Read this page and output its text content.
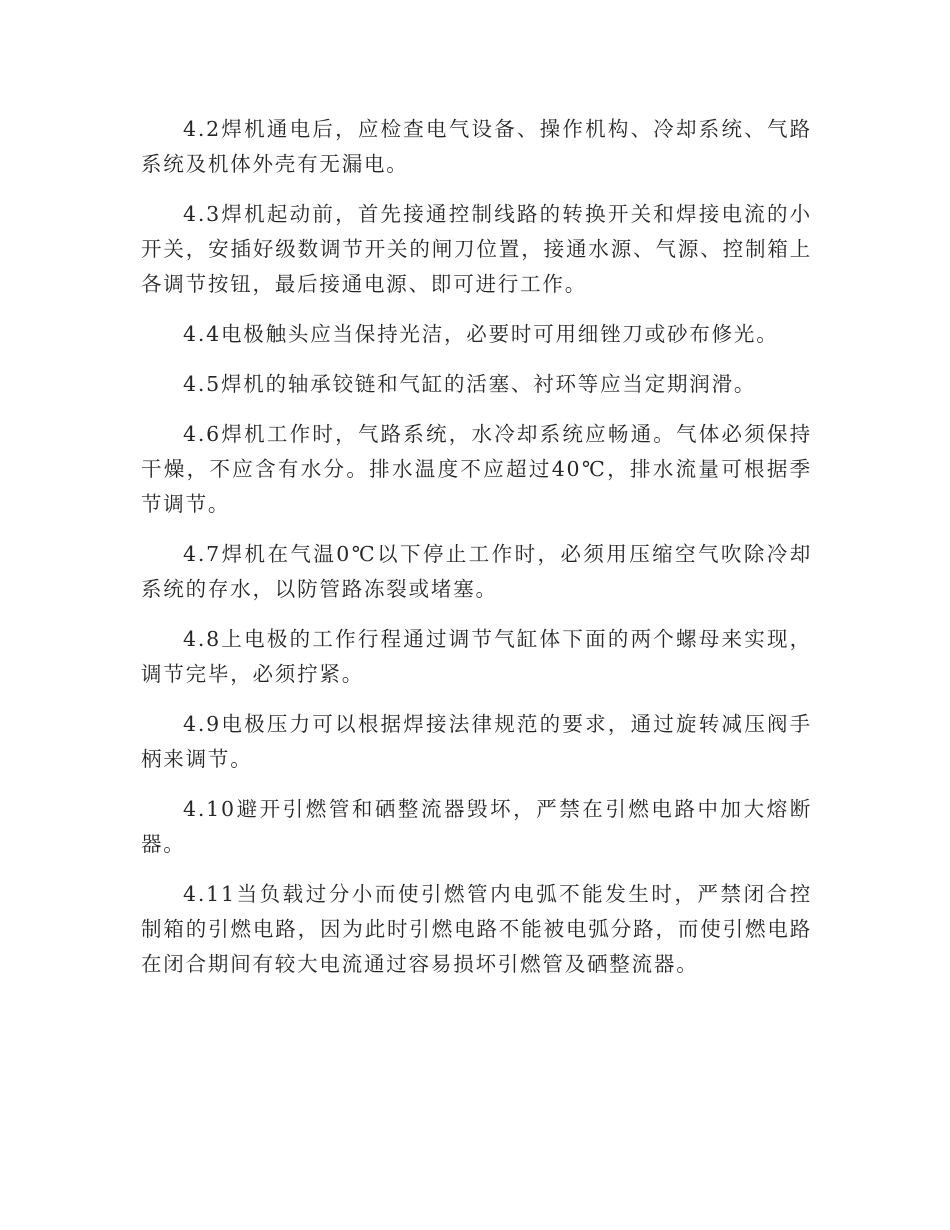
4.2焊机通电后，应检查电气设备、操作机构、冷却系统、气路系统及机体外壳有无漏电。

4.3焊机起动前，首先接通控制线路的转换开关和焊接电流的小开关，安插好级数调节开关的闸刀位置，接通水源、气源、控制箱上各调节按钮，最后接通电源、即可进行工作。

4.4电极触头应当保持光洁，必要时可用细锉刀或砂布修光。

4.5焊机的轴承铰链和气缸的活塞、衬环等应当定期润滑。

4.6焊机工作时，气路系统，水冷却系统应畅通。气体必须保持干燥，不应含有水分。排水温度不应超过40℃，排水流量可根据季节调节。

4.7焊机在气温0℃以下停止工作时，必须用压缩空气吹除冷却系统的存水，以防管路冻裂或堵塞。

4.8上电极的工作行程通过调节气缸体下面的两个螺母来实现，调节完毕，必须拧紧。

4.9电极压力可以根据焊接法律规范的要求，通过旋转减压阀手柄来调节。

4.10避开引燃管和硒整流器毁坏，严禁在引燃电路中加大熔断器。

4.11当负载过分小而使引燃管内电弧不能发生时，严禁闭合控制箱的引燃电路，因为此时引燃电路不能被电弧分路，而使引燃电路在闭合期间有较大电流通过容易损坏引燃管及硒整流器。
